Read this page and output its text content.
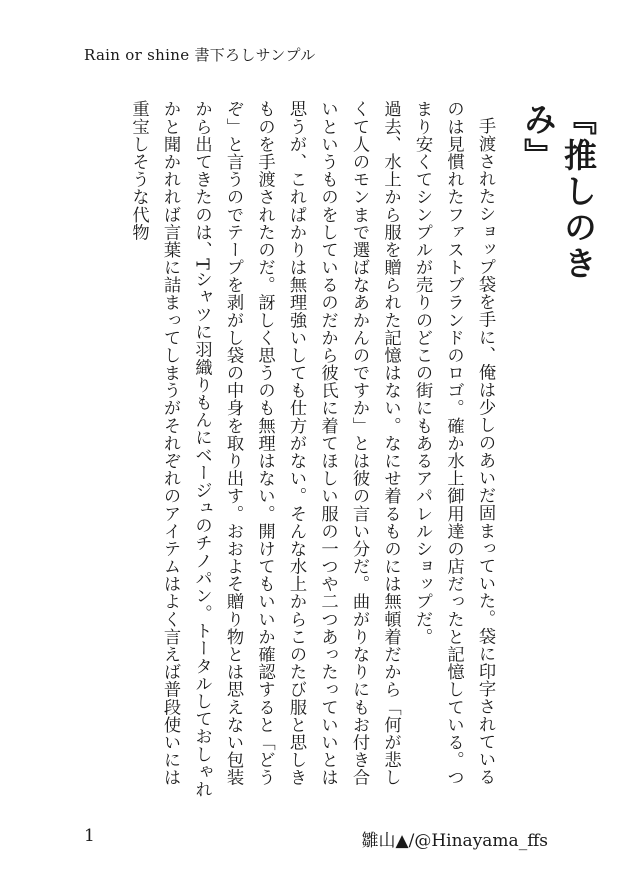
Rain or shine 書下ろしサンプル
『推しのきみ』

手渡されたショップ袋を手に、俺は少しのあいだ固まっていた。袋に印字されているのは見慣れたファストブランドのロゴ。確か水上御用達の店だったと記憶している。つまり安くてシンプルが売りのどこの街にもあるアパレルショップだ。

過去、水上から服を贈られた記憶はない。なにせ着るものには無頓着だから「何が悲しくて人のモンまで選ばなあかんのですか」とは彼の言い分だ。曲がりなりにもお付き合いというものをしているのだから彼氏に着てほしい服の一つや二つあったっていいとは思うが、これぱかりは無理強いしても仕方がない。そんな水上からこのたび服と思しきものを手渡されたのだ。訝しく思うのも無理はない。開けてもいいか確認すると「どうぞ」と言うのでテープを剥がし袋の中身を取り出す。おおよそ贈り物とは思えない包装から出てきたのは、Tシャツに羽織りもんにベージュのチノパン。トータルしておしゃれかと聞かれれば言葉に詰まってしまうがそれぞれのアイテムはよく言えば普段使いには重宝しそうな代物

1	雛山▲/@Hinayama_ffs
